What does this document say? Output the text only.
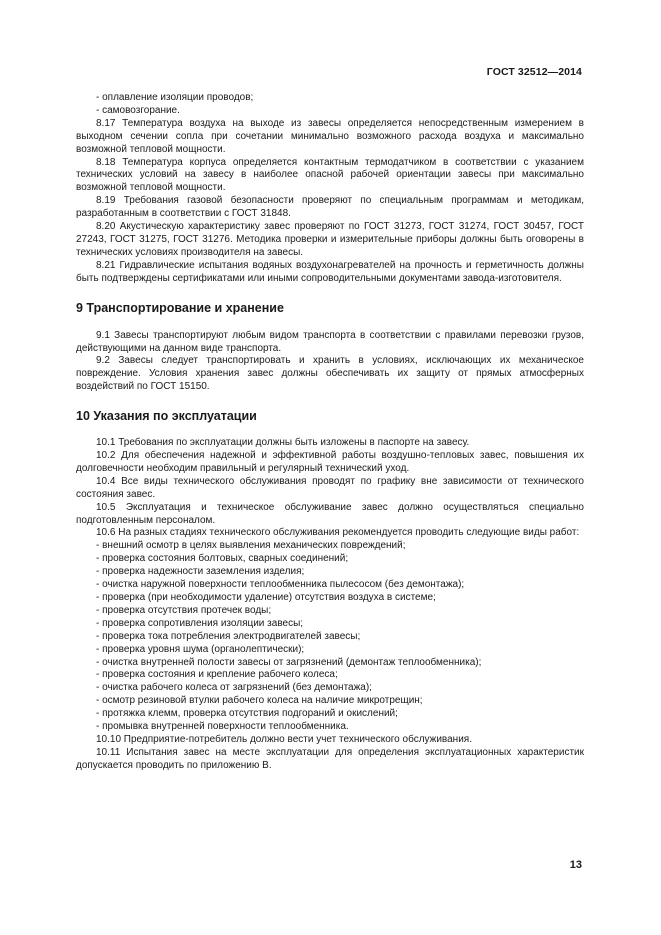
ГОСТ 32512—2014

- оплавление изоляции проводов;

- самовозгорание.

8.17 Температура воздуха на выходе из завесы определяется непосредственным измерением в выходном сечении сопла при сочетании минимально возможного расхода воздуха и максимально возможной тепловой мощности.

8.18 Температура корпуса определяется контактным термодатчиком в соответствии с указанием технических условий на завесу в наиболее опасной рабочей ориентации завесы при максимально возможной тепловой мощности.

8.19 Требования газовой безопасности проверяют по специальным программам и методикам, разработанным в соответствии с ГОСТ 31848.

8.20 Акустическую характеристику завес проверяют по ГОСТ 31273, ГОСТ 31274, ГОСТ 30457, ГОСТ 27243, ГОСТ 31275, ГОСТ 31276. Методика проверки и измерительные приборы должны быть оговорены в технических условиях производителя на завесы.

8.21 Гидравлические испытания водяных воздухонагревателей на прочность и герметичность должны быть подтверждены сертификатами или иными сопроводительными документами завода-изготовителя.

9 Транспортирование и хранение

9.1 Завесы транспортируют любым видом транспорта в соответствии с правилами перевозки грузов, действующими на данном виде транспорта.

9.2 Завесы следует транспортировать и хранить в условиях, исключающих их механическое повреждение. Условия хранения завес должны обеспечивать их защиту от прямых атмосферных воздействий по ГОСТ 15150.

10 Указания по эксплуатации

10.1 Требования по эксплуатации должны быть изложены в паспорте на завесу.

10.2 Для обеспечения надежной и эффективной работы воздушно-тепловых завес, повышения их долговечности необходим правильный и регулярный технический уход.

10.4 Все виды технического обслуживания проводят по графику вне зависимости от технического состояния завес.

10.5 Эксплуатация и техническое обслуживание завес должно осуществляться специально подготовленным персоналом.

10.6 На разных стадиях технического обслуживания рекомендуется проводить следующие виды работ:

- внешний осмотр в целях выявления механических повреждений;

- проверка состояния болтовых, сварных соединений;

- проверка надежности заземления изделия;

- очистка наружной поверхности теплообменника пылесосом (без демонтажа);

- проверка (при необходимости удаление) отсутствия воздуха в системе;

- проверка отсутствия протечек воды;

- проверка сопротивления изоляции завесы;

- проверка тока потребления электродвигателей завесы;

- проверка уровня шума (органолептически);

- очистка внутренней полости завесы от загрязнений (демонтаж теплообменника);

- проверка состояния и крепление рабочего колеса;

- очистка рабочего колеса от загрязнений (без демонтажа);

- осмотр резиновой втулки рабочего колеса на наличие микротрещин;

- протяжка клемм, проверка отсутствия подгораний и окислений;

- промывка внутренней поверхности теплообменника.

10.10 Предприятие-потребитель должно вести учет технического обслуживания.

10.11 Испытания завес на месте эксплуатации для определения эксплуатационных характеристик допускается проводить по приложению В.

13
